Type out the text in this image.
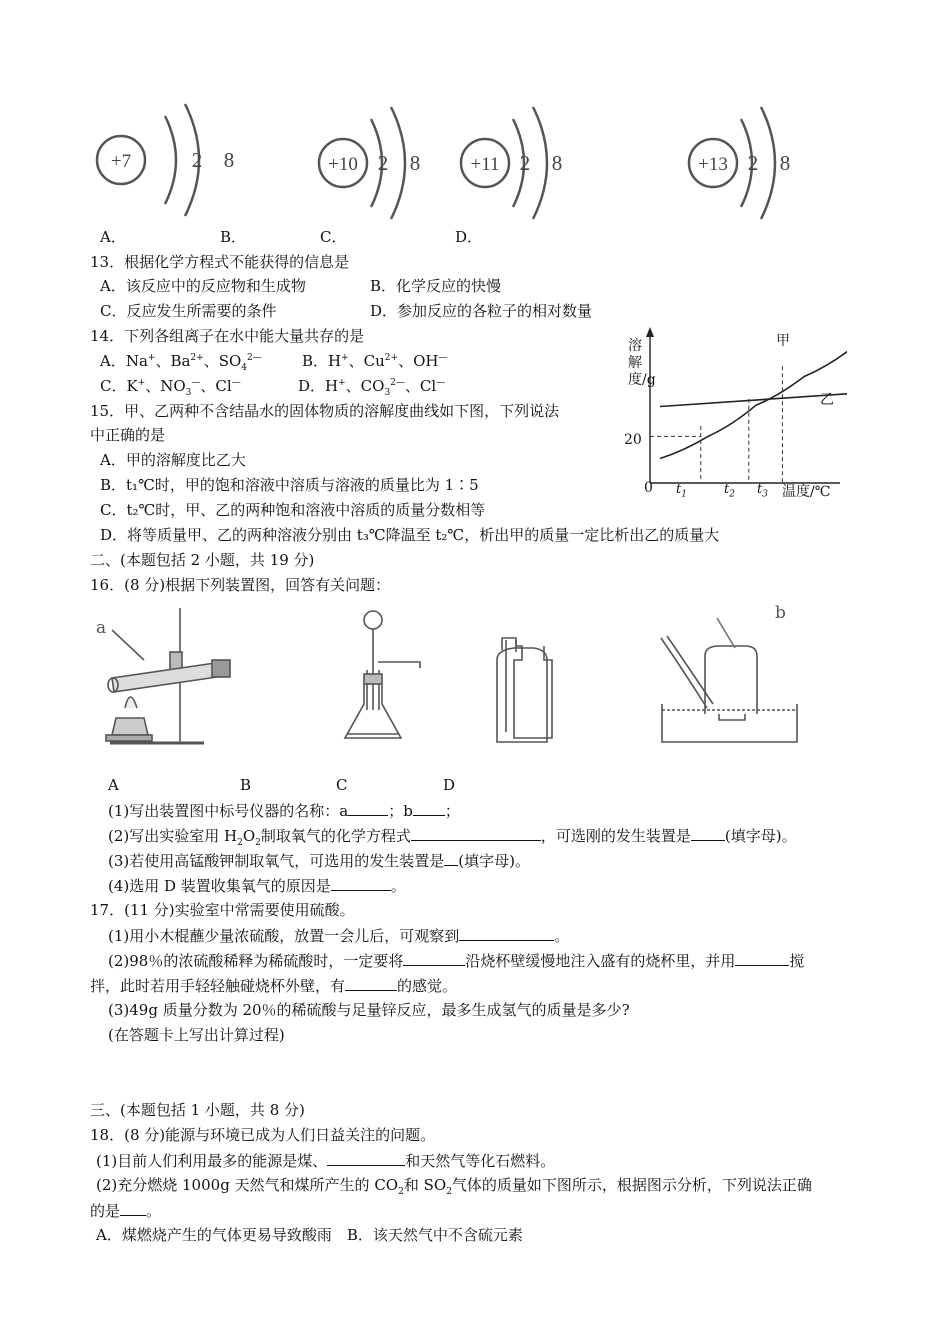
+7	2 8	+10 2 8	+11 2 8	+13 2 8
A．	B．	C．	D．
13．根据化学方程式不能获得的信息是
A．该反应中的反应物和生成物	B．化学反应的快慢
C．反应发生所需要的条件	D．参加反应的各粒子的相对数量
14．下列各组离子在水中能大量共存的是
A．Na+、$Ba^{2+}$、$SO_4^{2—}$	B．H+、$Cu^{2+}$、OH—
C．K+、$NO_3^—$、Cl—	D．H+、$CO_3^{2—}$、Cl—
溶解度/g
温度/℃
0
20
甲
乙
$t_1$	$t_2$ $t_3$
15．甲、乙两种不含结晶水的固体物质的溶解度曲线如下图，下列说法
中正确的是
A．甲的溶解度比乙大
B．t₁℃时，甲的饱和溶液中溶质与溶液的质量比为 1∶5
C．t₂℃时，甲、乙的两种饱和溶液中溶质的质量分数相等
D．将等质量甲、乙的两种溶液分别由 t₃℃降温至 t₂℃，析出甲的质量一定比析出乙的质量大
二、(本题包括 2 小题，共 19 分)
16．(8 分)根据下列装置图，回答有关问题：
a
b
A	B	C	D
(1)写出装置图中标号仪器的名称：a	；b ；
(2)写出实验室用 $H_2O_2$制取氧气的化学方程式	，可选刚的发生装置是 (填字母)。
(3)若使用高锰酸钾制取氧气，可选用的发生装置是 (填字母)。
(4)选用 D 装置收集氧气的原因是	。
17．(11 分)实验室中常需要使用硫酸。
(1)用小木棍蘸少量浓硫酸，放置一会儿后，可观察到	。
(2)98％的浓硫酸稀释为稀硫酸时，一定要将	沿烧杯壁缓慢地注入盛有的烧杯里，并用	搅
拌，此时若用手轻轻触碰烧杯外壁，有	的感觉。
(3)49g 质量分数为 20％的稀硫酸与足量锌反应，最多生成氢气的质量是多少?
(在答题卡上写出计算过程)
三、(本题包括 1 小题，共 8 分)
18．(8 分)能源与环境已成为人们日益关注的问题。
(1)目前人们利用最多的能源是煤、	和天然气等化石燃料。
(2)充分燃烧 1000g 天然气和煤所产生的 $CO_2$和 $SO_2$气体的质量如下图所示，根据图示分析，下列说法正确
的是 。
A．煤燃烧产生的气体更易导致酸雨　B．该天然气中不含硫元素
